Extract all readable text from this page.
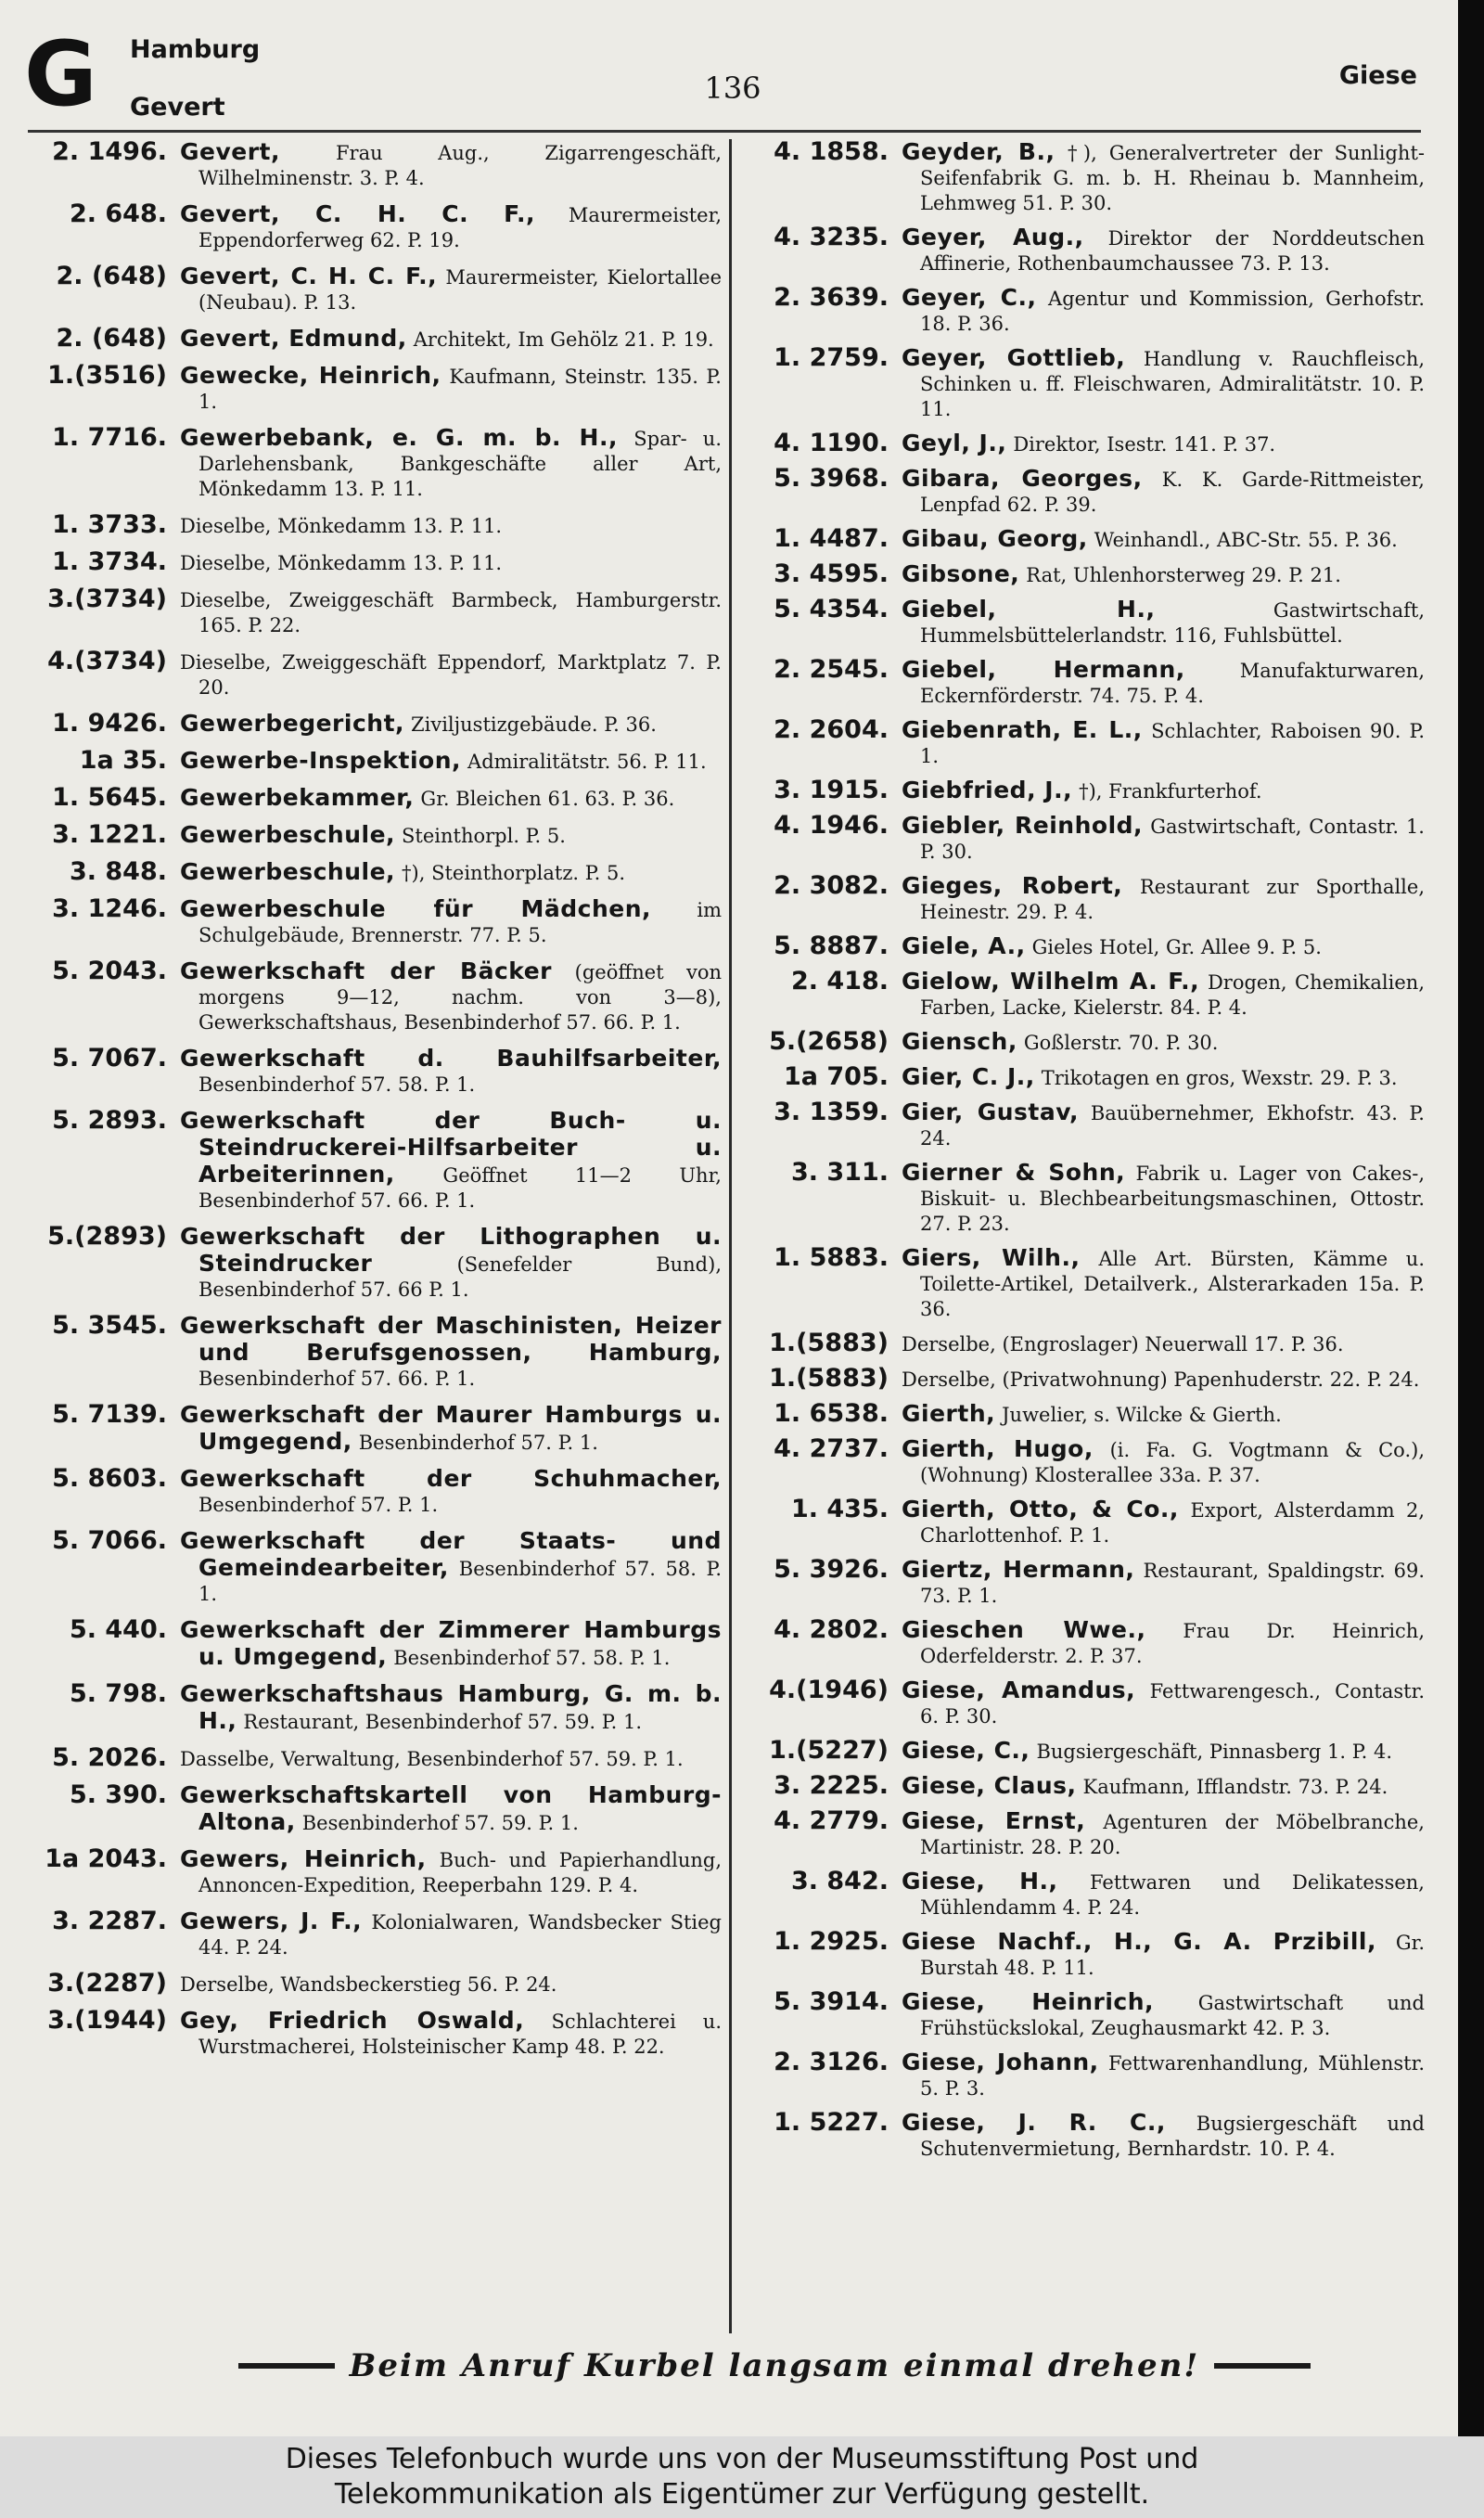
G Hamburg
Gevert
136	Giese
2. 1496. Gevert,	Frau Aug., Zigarrengeschäft, Wilhelminenstr. 3. P. 4.
2. 648. Gevert, C. H. C. F., Maurermeister, Eppendorferweg 62. P. 19.
2. (648) Gevert, C. H. C. F., Maurermeister, Kielortallee (Neubau). P. 13.
2. (648) Gevert, Edmund, Architekt, Im Gehölz 21. P. 19.
1.(3516) Gewecke, Heinrich, Kaufmann, Steinstr. 135. P. 1.
1. 7716. Gewerbebank, e. G. m. b. H., Spar- u. Darlehensbank, Bankgeschäfte aller Art, Mönkedamm 13. P. 11.
1. 3733. Dieselbe, Mönkedamm 13. P. 11.
1. 3734. Dieselbe, Mönkedamm 13. P. 11.
3.(3734) Dieselbe, Zweiggeschäft Barmbeck, Hamburgerstr. 165. P. 22.
4.(3734) Dieselbe, Zweiggeschäft Eppendorf, Marktplatz 7. P. 20.
1. 9426. Gewerbegericht, Ziviljustizgebäude. P. 36.
1a 35. Gewerbe-Inspektion, Admiralitätstr. 56. P. 11.
1. 5645. Gewerbekammer, Gr. Bleichen 61. 63. P. 36.
3. 1221. Gewerbeschule, Steinthorpl. P. 5.
3. 848. Gewerbeschule, †), Steinthorplatz. P. 5.
3. 1246. Gewerbeschule für Mädchen, im Schulgebäude, Brennerstr. 77. P. 5.
5. 2043. Gewerkschaft der Bäcker (geöffnet von morgens 9—12, nachm. von 3—8), Gewerkschaftshaus, Besenbinderhof 57. 66. P. 1.
5. 7067. Gewerkschaft d. Bauhilfsarbeiter, Besenbinderhof 57. 58. P. 1.
5. 2893. Gewerkschaft der Buch- u. Steindruckerei-Hilfsarbeiter u. Arbeiterinnen, Geöffnet 11—2 Uhr, Besenbinderhof 57. 66. P. 1.
5.(2893) Gewerkschaft der Lithographen u. Steindrucker	(Senefelder Bund), Besenbinderhof 57. 66 P. 1.
5. 3545. Gewerkschaft der Maschinisten, Heizer und Berufsgenossen, Hamburg, Besenbinderhof 57. 66. P. 1.
5. 7139. Gewerkschaft der Maurer Hamburgs u. Umgegend, Besenbinderhof 57. P. 1.
5. 8603. Gewerkschaft der Schuhmacher, Besenbinderhof 57. P. 1.
5. 7066. Gewerkschaft der Staats- und Gemeindearbeiter, Besenbinderhof 57. 58. P. 1.
5. 440. Gewerkschaft der Zimmerer Hamburgs u. Umgegend, Besenbinderhof 57. 58. P. 1.
5. 798. Gewerkschaftshaus Hamburg, G. m. b. H., Restaurant, Besenbinderhof 57. 59. P. 1.
5. 2026. Dasselbe, Verwaltung, Besenbinderhof 57. 59. P. 1.
5. 390. Gewerkschaftskartell von Hamburg-Altona, Besenbinderhof 57. 59. P. 1.
1a 2043. Gewers, Heinrich, Buch- und Papierhandlung, Annoncen-Expedition, Reeperbahn 129. P. 4.
3. 2287. Gewers, J. F., Kolonialwaren, Wandsbecker Stieg 44. P. 24.
3.(2287) Derselbe, Wandsbeckerstieg 56. P. 24.
3.(1944) Gey, Friedrich Oswald, Schlachterei u. Wurstmacherei, Holsteinischer Kamp 48. P. 22.
4. 1858. Geyder, B., †), Generalvertreter der Sunlight-Seifenfabrik G. m. b. H. Rheinau b. Mannheim, Lehmweg 51. P. 30.
4. 3235. Geyer, Aug., Direktor der Norddeutschen Affinerie, Rothenbaumchaussee 73. P. 13.
2. 3639. Geyer, C., Agentur und Kommission, Gerhofstr. 18. P. 36.
1. 2759. Geyer, Gottlieb, Handlung v. Rauchfleisch, Schinken u. ff. Fleischwaren, Admiralitätstr. 10. P. 11.
4. 1190. Geyl, J., Direktor, Isestr. 141. P. 37.
5. 3968. Gibara, Georges, K. K. Garde-Rittmeister, Lenpfad 62. P. 39.
1. 4487. Gibau, Georg, Weinhandl., ABC-Str. 55. P. 36.
3. 4595. Gibsone, Rat, Uhlenhorsterweg 29. P. 21.
5. 4354. Giebel, H.,	Gastwirtschaft, Hummelsbüttelerlandstr. 116, Fuhlsbüttel.
2. 2545. Giebel, Hermann,	Manufakturwaren, Eckernförderstr. 74. 75. P. 4.
2. 2604. Giebenrath, E. L., Schlachter, Raboisen 90. P. 1.
3. 1915. Giebfried, J., †), Frankfurterhof.
4. 1946. Giebler, Reinhold, Gastwirtschaft, Contastr. 1. P. 30.
2. 3082. Gieges, Robert, Restaurant zur Sporthalle, Heinestr. 29. P. 4.
5. 8887. Giele, A., Gieles Hotel, Gr. Allee 9. P. 5.
2. 418. Gielow, Wilhelm A. F., Drogen, Chemikalien, Farben, Lacke, Kielerstr. 84. P. 4.
5.(2658) Giensch, Goßlerstr. 70. P. 30.
1a 705. Gier, C. J., Trikotagen en gros, Wexstr. 29. P. 3.
3. 1359. Gier, Gustav, Bauübernehmer, Ekhofstr. 43. P. 24.
3. 311. Gierner & Sohn, Fabrik u. Lager von Cakes-, Biskuit- u. Blechbearbeitungsmaschinen, Ottostr. 27. P. 23.
1. 5883. Giers, Wilh., Alle Art. Bürsten, Kämme u. Toilette-Artikel, Detailverk., Alsterarkaden 15a. P. 36.
1.(5883) Derselbe, (Engroslager) Neuerwall 17. P. 36.
1.(5883) Derselbe, (Privatwohnung) Papenhuderstr. 22. P. 24.
1. 6538. Gierth, Juwelier, s. Wilcke & Gierth.
4. 2737. Gierth, Hugo, (i. Fa. G. Vogtmann & Co.), (Wohnung) Klosterallee 33a. P. 37.
1. 435. Gierth, Otto, & Co., Export, Alsterdamm 2, Charlottenhof. P. 1.
5. 3926. Giertz, Hermann, Restaurant, Spaldingstr. 69. 73. P. 1.
4. 2802. Gieschen Wwe., Frau Dr. Heinrich, Oderfelderstr. 2. P. 37.
4.(1946) Giese, Amandus, Fettwarengesch., Contastr. 6. P. 30.
1.(5227) Giese, C., Bugsiergeschäft, Pinnasberg 1. P. 4.
3. 2225. Giese, Claus, Kaufmann, Ifflandstr. 73. P. 24.
4. 2779. Giese, Ernst, Agenturen der Möbelbranche, Martinistr. 28. P. 20.
3. 842. Giese, H., Fettwaren und Delikatessen, Mühlendamm 4. P. 24.
1. 2925. Giese Nachf., H., G. A. Przibill, Gr. Burstah 48. P. 11.
5. 3914. Giese, Heinrich, Gastwirtschaft und Frühstückslokal, Zeughausmarkt 42. P. 3.
2. 3126. Giese, Johann, Fettwarenhandlung, Mühlenstr. 5. P. 3.
1. 5227. Giese, J. R. C., Bugsiergeschäft und Schutenvermietung, Bernhardstr. 10. P. 4.
Beim Anruf Kurbel langsam einmal drehen!
Dieses Telefonbuch wurde uns von der Museumsstiftung Post und
Telekommunikation als Eigentümer zur Verfügung gestellt.
